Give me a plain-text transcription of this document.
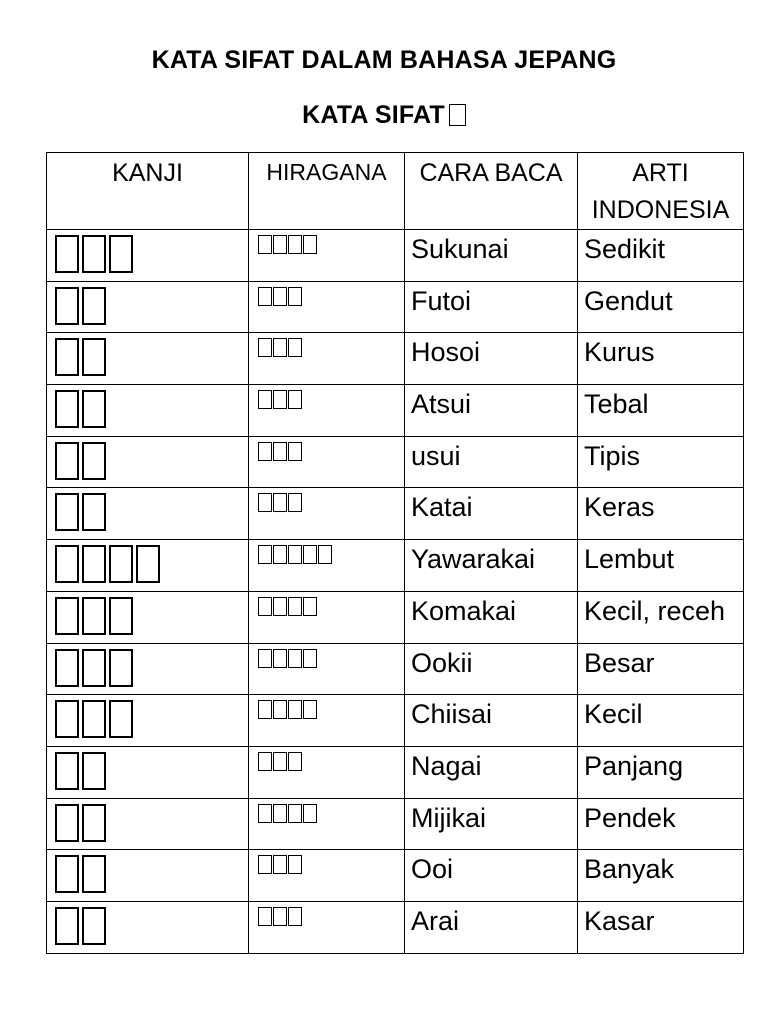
KATA SIFAT DALAM BAHASA JEPANG
KATA SIFAT
KANJI	HIRAGANA	CARA BACA	ARTI INDONESIA
		Sukunai	Sedikit
		Futoi	Gendut
		Hosoi	Kurus
		Atsui	Tebal
		usui	Tipis
		Katai	Keras
		Yawarakai	Lembut
		Komakai	Kecil, receh
		Ookii	Besar
		Chiisai	Kecil
		Nagai	Panjang
		Mijikai	Pendek
		Ooi	Banyak
		Arai	Kasar
